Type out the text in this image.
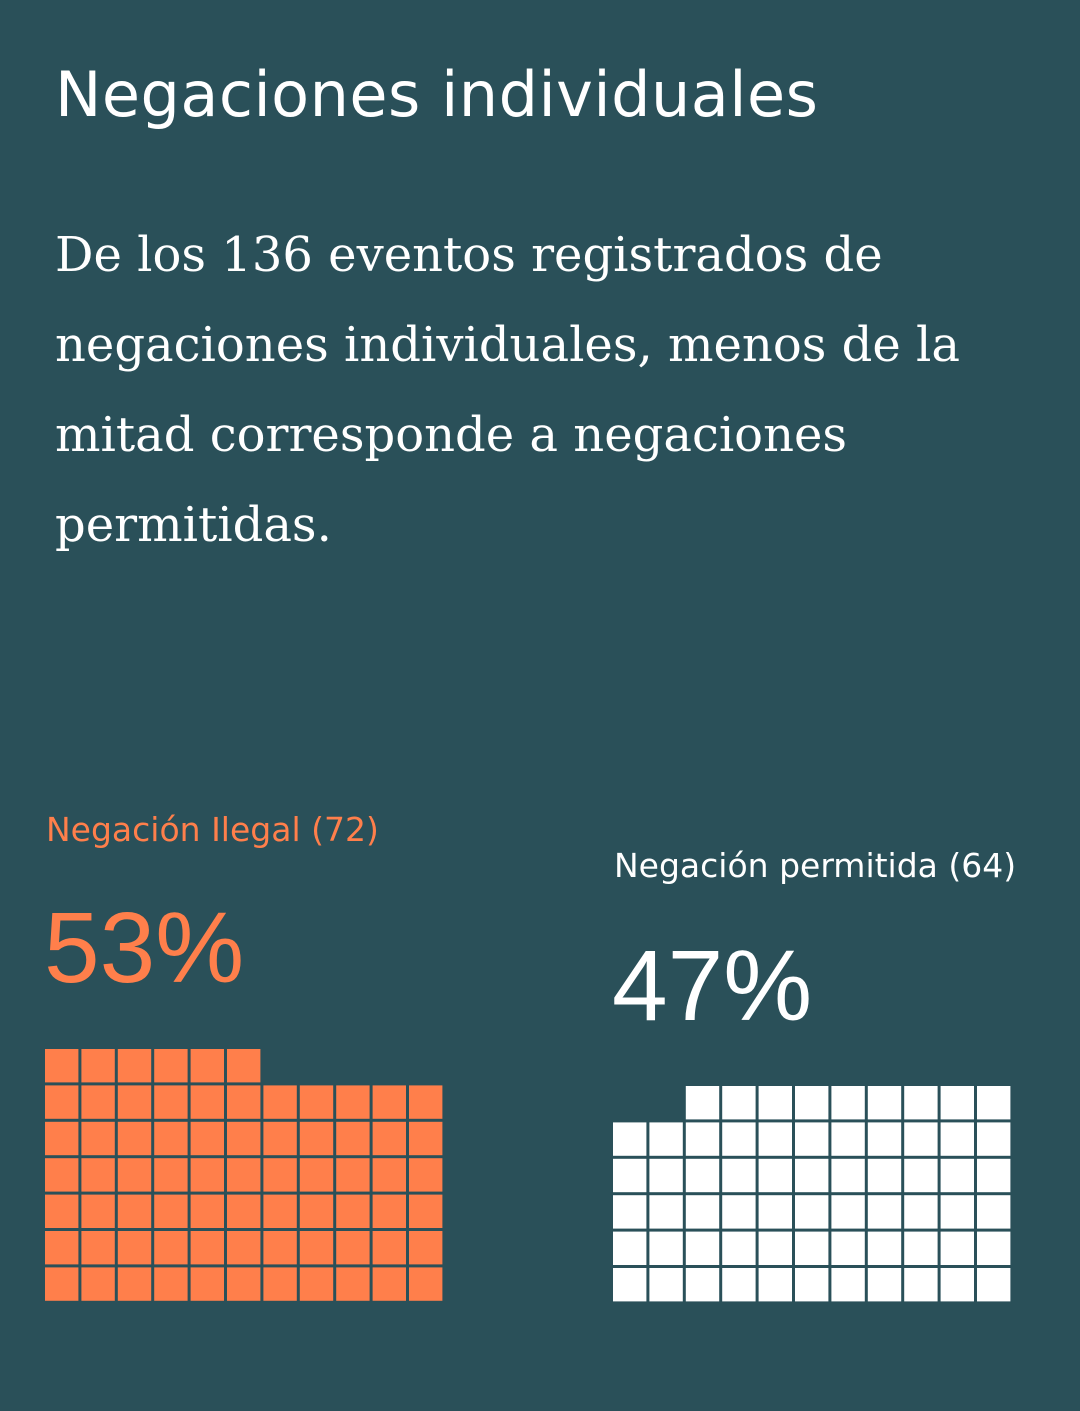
Negaciones individuales

De los 136 eventos registrados de negaciones individuales, menos de la mitad corresponde a negaciones permitidas.

Negación Ilegal (72)
53%
Negación permitida (64)
47%
